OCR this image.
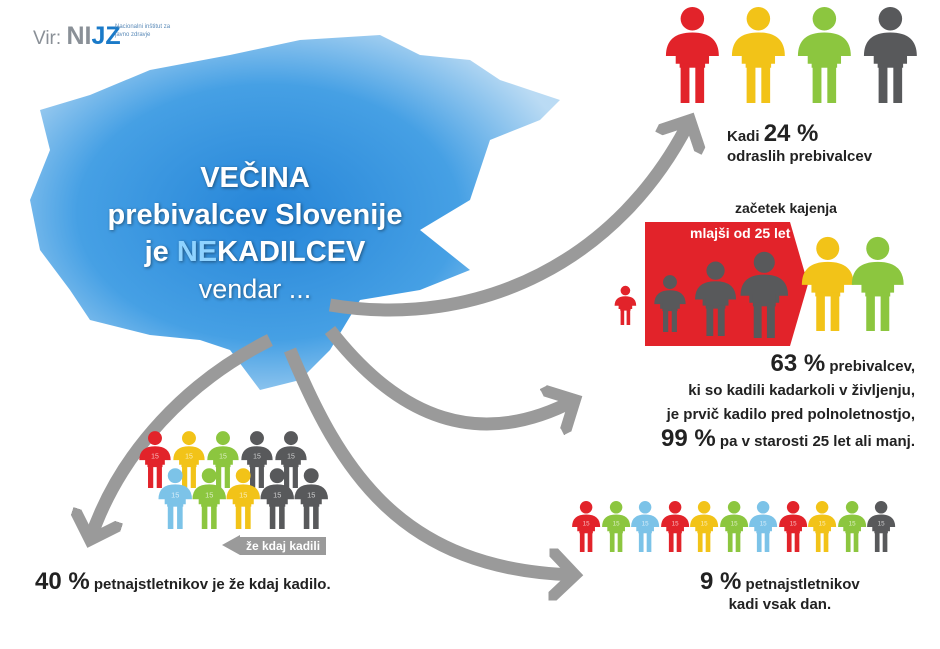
Vir: NIJZ
Nacionalni inštitut za javno zdravje
VEČINA
prebivalcev Slovenije
je NEKADILCEV
vendar ...
Kadi 24 %
odraslih prebivalcev
začetek kajenja
63 % prebivalcev,
ki so kadili kadarkoli v življenju,
je prvič kadilo pred polnoletnostjo,
99 % pa v starosti 25 let ali manj.
že kdaj kadili
40 % petnajstletnikov je že kdaj kadilo.	9 % petnajstletnikov
kadi vsak dan.
15 15 15 15 15
15 15 15 15 15
15 15 15 15 15 15 15 15 15 15 15
mlajši od 25 let
